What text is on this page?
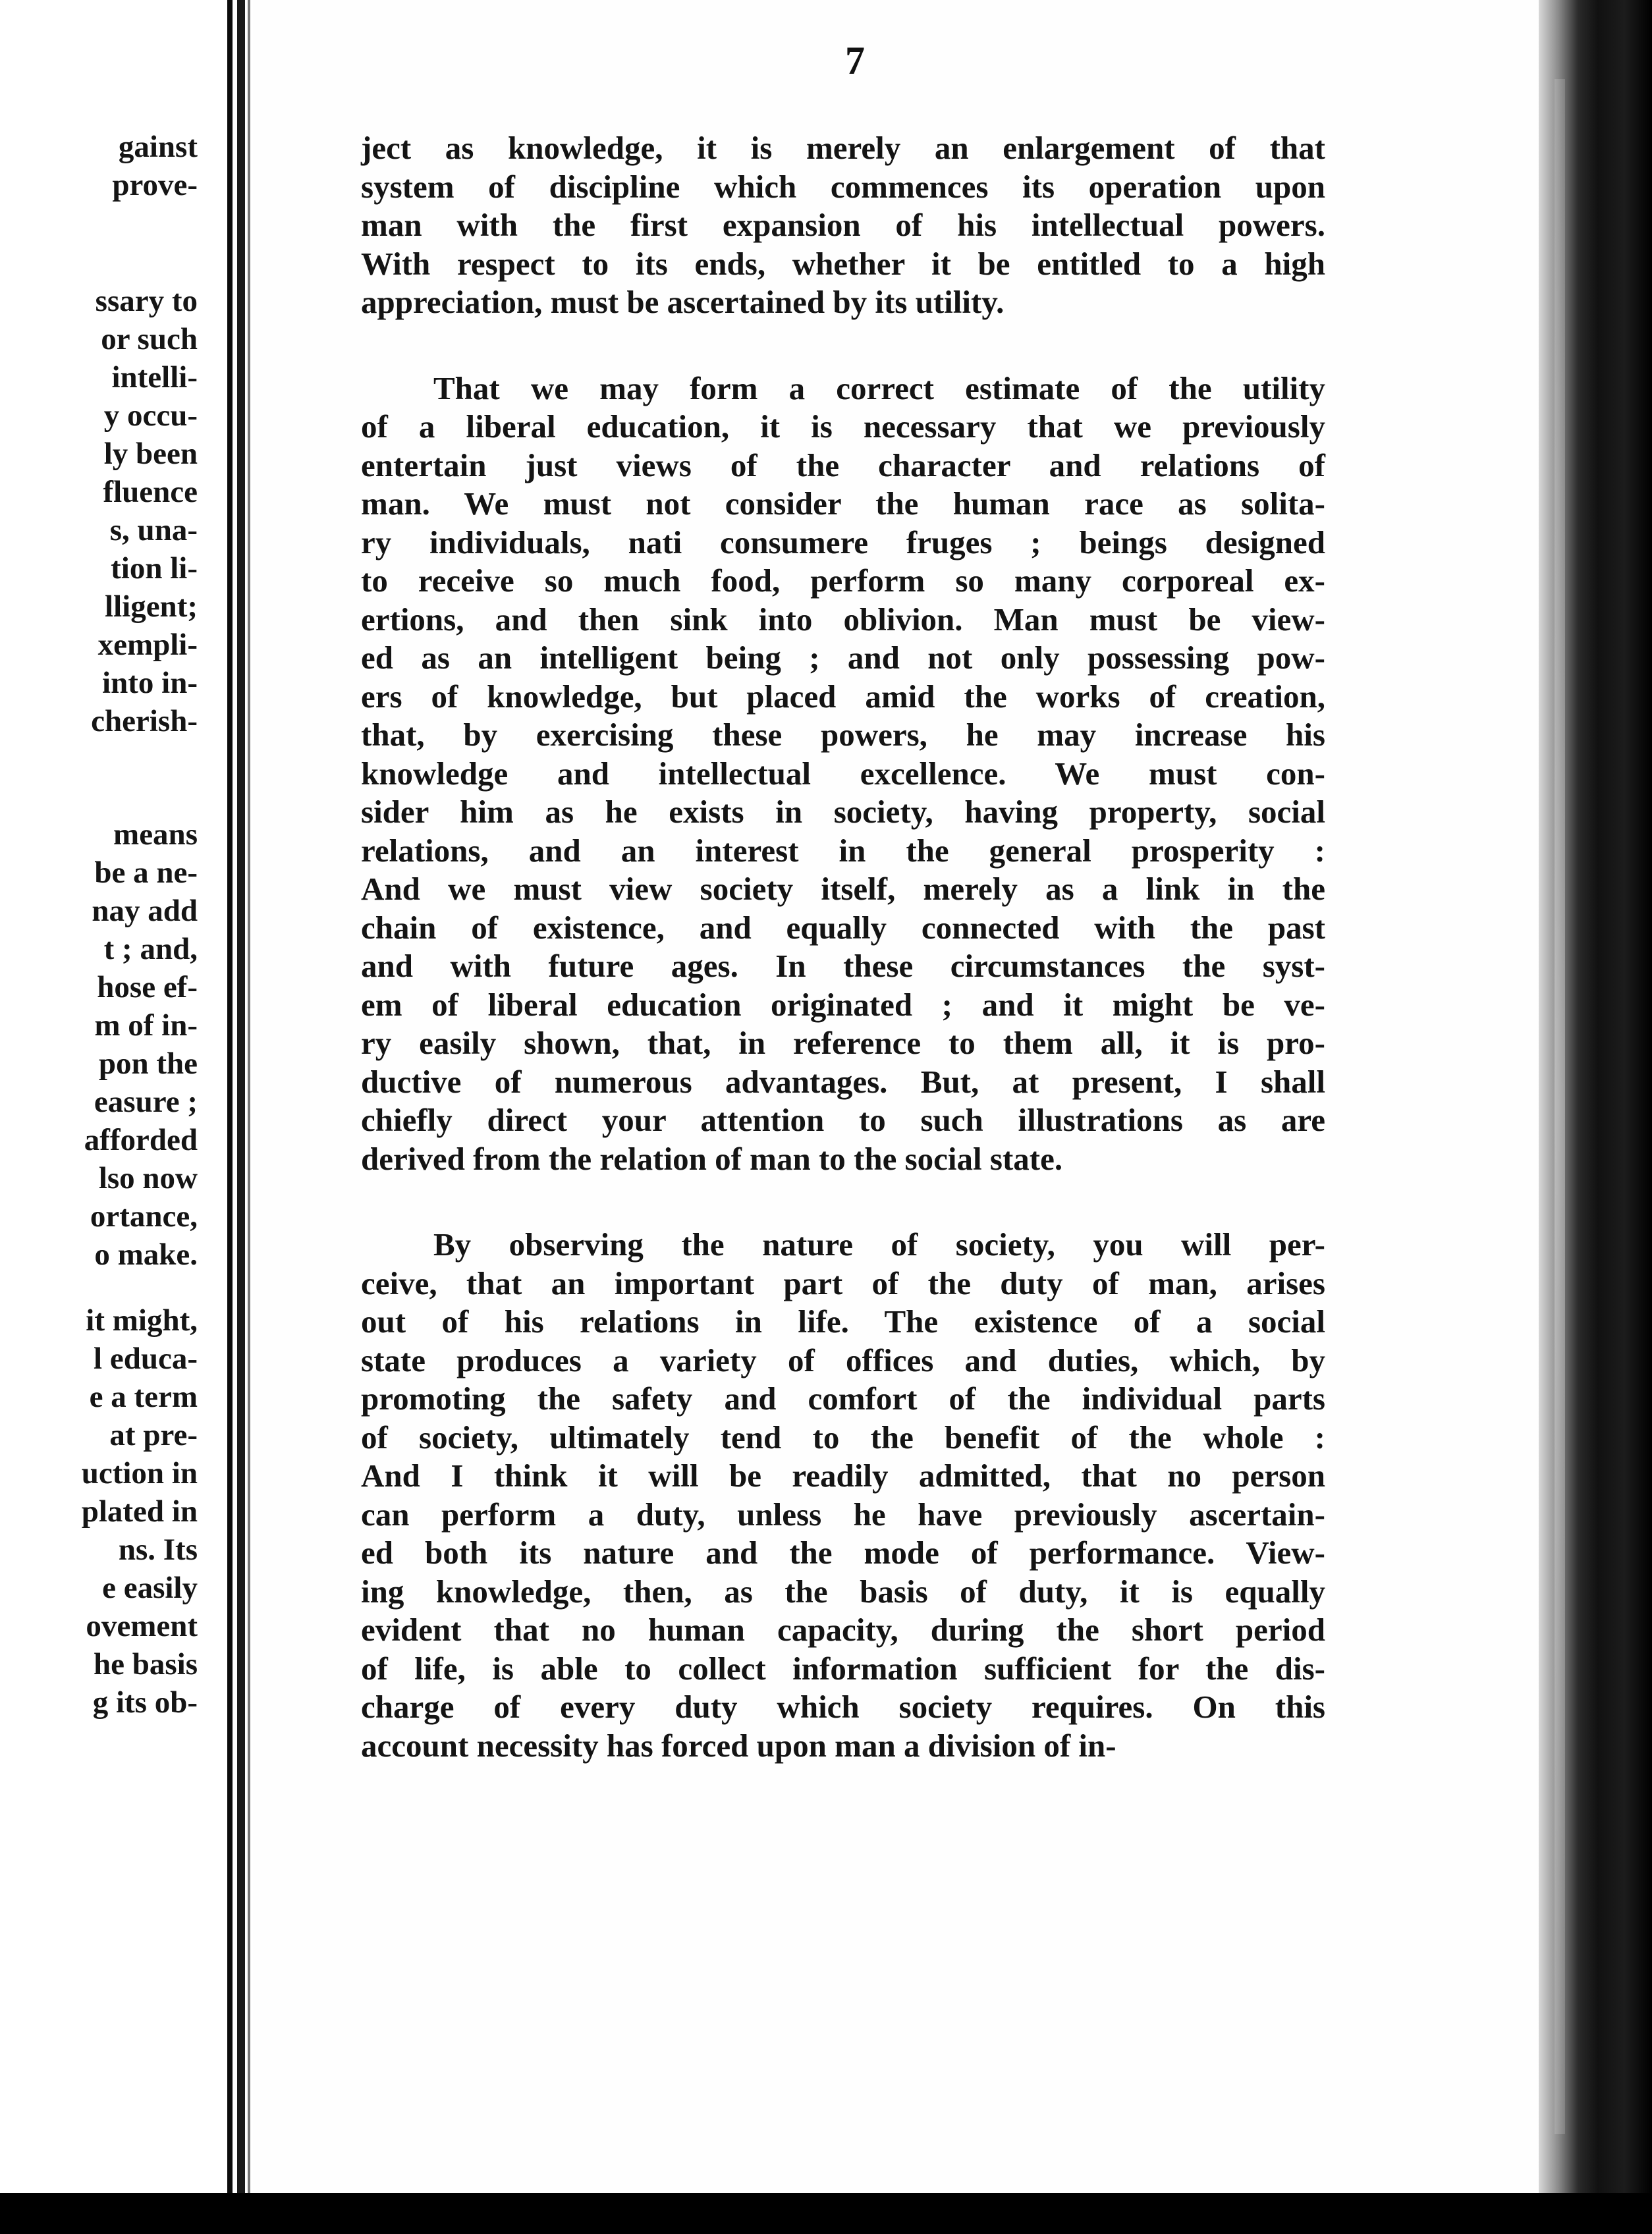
gainst
prove-
ssary to
or such
intelli-
y occu-
ly been
fluence
s, una-
tion li-
lligent;
xempli-
into in-
cherish-
means
be a ne-
nay add
t ; and,
hose ef-
m of in-
pon the
easure ;
afforded
lso now
ortance,
o make.
it might,
l educa-
e a term
at pre-
uction in
plated in
ns. Its
e easily
ovement
he basis
g its ob-
7
ject as knowledge, it is merely an enlargement of that
system of discipline which commences its operation upon
man with the first expansion of his intellectual powers.
With respect to its ends, whether it be entitled to a high
appreciation, must be ascertained by its utility.
That we may form a correct estimate of the utility
of a liberal education, it is necessary that we previously
entertain just views of the character and relations of
man. We must not consider the human race as solita-
ry individuals, nati consumere fruges ; beings designed
to receive so much food, perform so many corporeal ex-
ertions, and then sink into oblivion. Man must be view-
ed as an intelligent being ; and not only possessing pow-
ers of knowledge, but placed amid the works of creation,
that, by exercising these powers, he may increase his
knowledge and intellectual excellence. We must con-
sider him as he exists in society, having property, social
relations, and an interest in the general prosperity :
And we must view society itself, merely as a link in the
chain of existence, and equally connected with the past
and with future ages. In these circumstances the syst-
em of liberal education originated ; and it might be ve-
ry easily shown, that, in reference to them all, it is pro-
ductive of numerous advantages. But, at present, I shall
chiefly direct your attention to such illustrations as are
derived from the relation of man to the social state.
By observing the nature of society, you will per-
ceive, that an important part of the duty of man, arises
out of his relations in life. The existence of a social
state produces a variety of offices and duties, which, by
promoting the safety and comfort of the individual parts
of society, ultimately tend to the benefit of the whole :
And I think it will be readily admitted, that no person
can perform a duty, unless he have previously ascertain-
ed both its nature and the mode of performance. View-
ing knowledge, then, as the basis of duty, it is equally
evident that no human capacity, during the short period
of life, is able to collect information sufficient for the dis-
charge of every duty which society requires. On this
account necessity has forced upon man a division of in-
